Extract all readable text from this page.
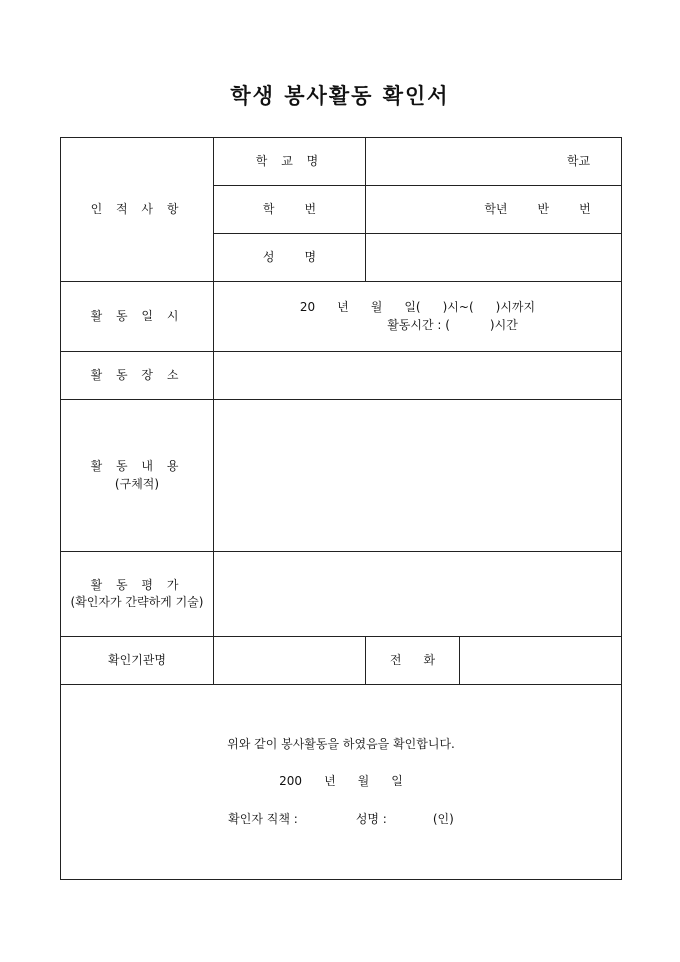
학생 봉사활동 확인서
인 적 사 항	학 교 명	학교	
	학 번	학년 반 번	
	성 명		
활 동 일 시	20 년 월 일( )시~( )시까지
활동시간 : ( )시간		

활 동 장 소			

활 동 내 용
(구체적)			

활 동 평 가
(확인자가 간략하게 기술)			

확인기관명		전 화	

위와 같이 봉사활동을 하였음을 확인합니다.

200 년 월 일

확인자 직책 : 성명 : (인)			
